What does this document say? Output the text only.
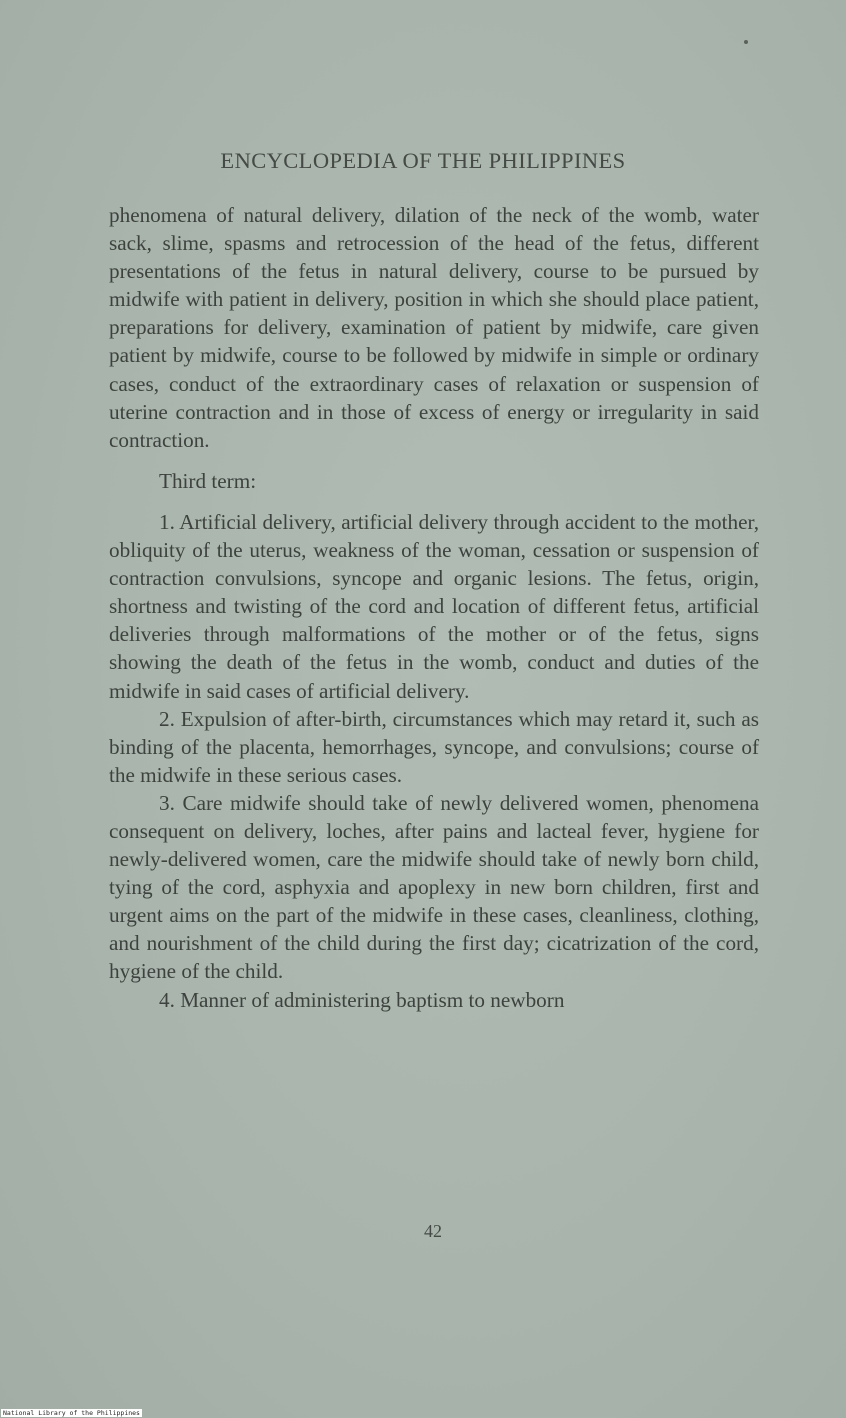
ENCYCLOPEDIA OF THE PHILIPPINES

phenomena of natural delivery, dilation of the neck of the womb, water sack, slime, spasms and retrocession of the head of the fetus, different presentations of the fetus in natural delivery, course to be pursued by midwife with patient in delivery, position in which she should place patient, preparations for delivery, examination of patient by midwife, care given patient by midwife, course to be followed by midwife in simple or ordinary cases, conduct of the extraordinary cases of relaxation or suspension of uterine contraction and in those of excess of energy or irregularity in said contraction.

Third term:

1. Artificial delivery, artificial delivery through accident to the mother, obliquity of the uterus, weakness of the woman, cessation or suspension of contraction convulsions, syncope and organic lesions. The fetus, origin, shortness and twisting of the cord and location of different fetus, artificial deliveries through malformations of the mother or of the fetus, signs showing the death of the fetus in the womb, conduct and duties of the midwife in said cases of artificial delivery.

2. Expulsion of after-birth, circumstances which may retard it, such as binding of the placenta, hemorrhages, syncope, and convulsions; course of the midwife in these serious cases.

3. Care midwife should take of newly delivered women, phenomena consequent on delivery, loches, after pains and lacteal fever, hygiene for newly-delivered women, care the midwife should take of newly born child, tying of the cord, asphyxia and apoplexy in new born children, first and urgent aims on the part of the midwife in these cases, cleanliness, clothing, and nourishment of the child during the first day; cicatrization of the cord, hygiene of the child.

4. Manner of administering baptism to newborn

42
National Library of the Philippines
